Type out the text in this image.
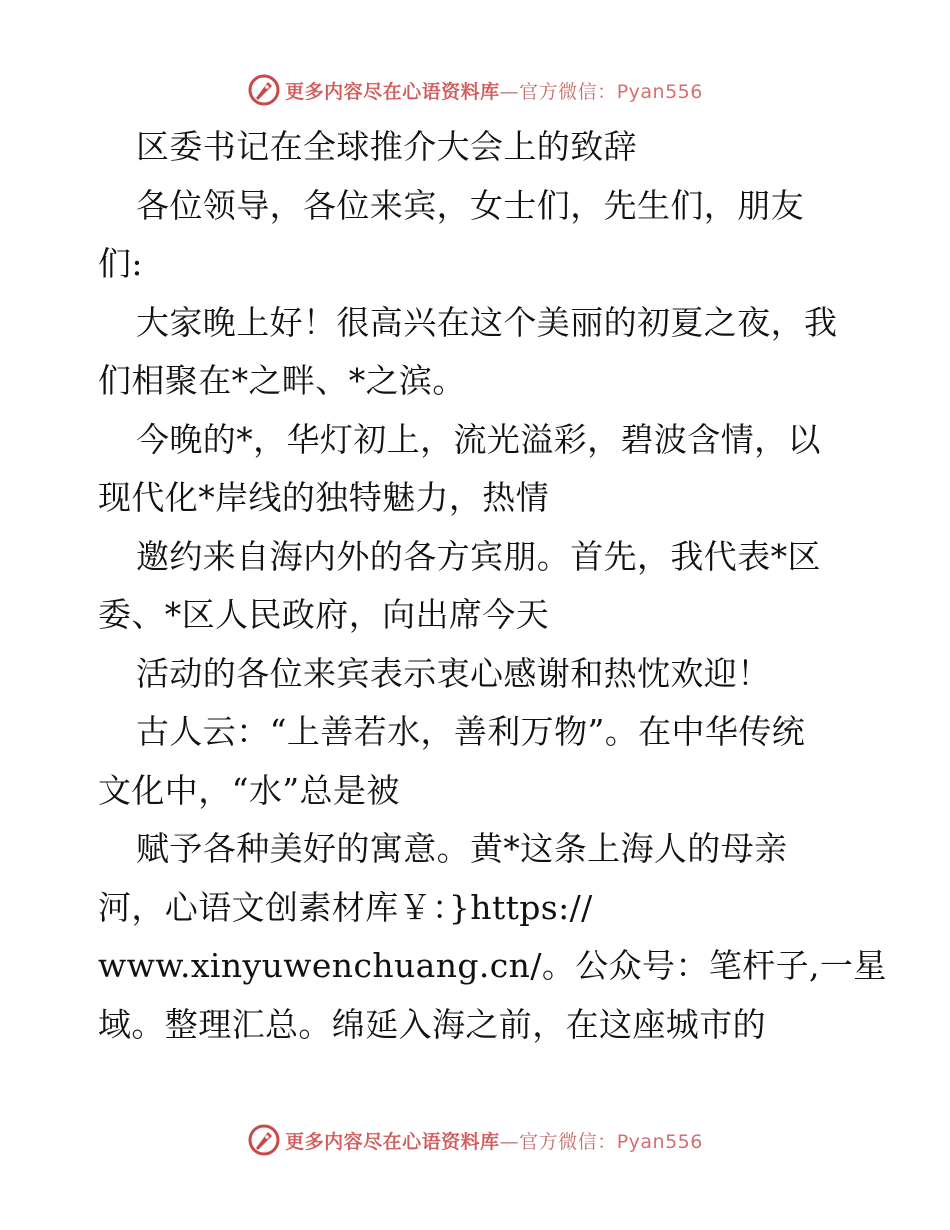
更多内容尽在心语资料库—官方微信：Pyan556
区委书记在全球推介大会上的致辞
各位领导，各位来宾，女士们，先生们，朋友
们:
大家晚上好！很高兴在这个美丽的初夏之夜，我
们相聚在*之畔、*之滨。
今晚的*，华灯初上，流光溢彩，碧波含情，以
现代化*岸线的独特魅力，热情
邀约来自海内外的各方宾朋。首先，我代表*区
委、*区人民政府，向出席今天
活动的各位来宾表示衷心感谢和热忱欢迎！
古人云：“上善若水，善利万物”。在中华传统
文化中，“水”总是被
赋予各种美好的寓意。黄*这条上海人的母亲
河，心语文创素材库￥：}https://
www.xinyuwenchuang.cn/。公众号：笔杆子,一星
域。整理汇总。绵延入海之前，在这座城市的
更多内容尽在心语资料库—官方微信：Pyan556
